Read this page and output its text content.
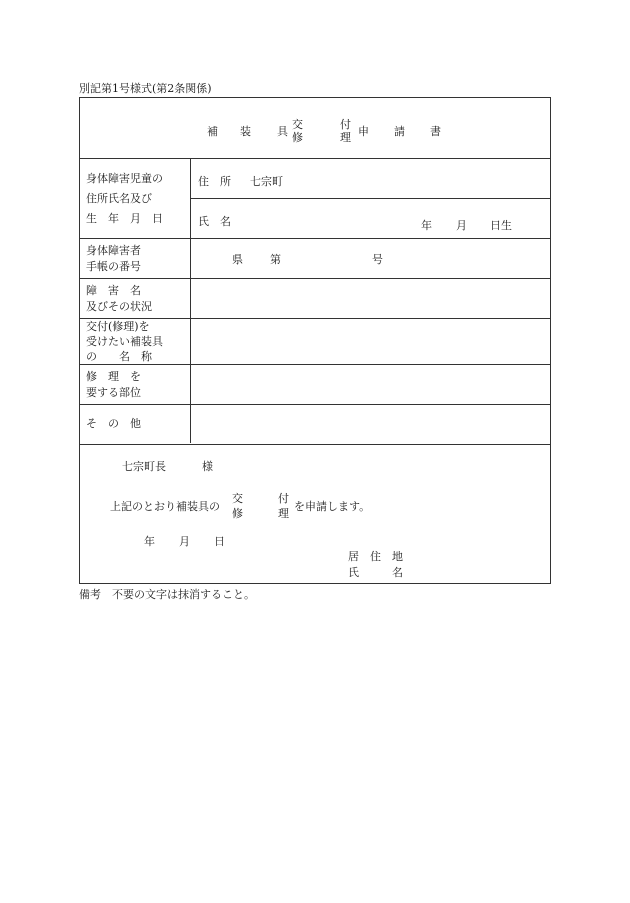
別記第1号様式(第2条関係)
補 装 具
交
修
付
理 申 請 書
身体障害児童の
住所氏名及び
生　年　月　日
住　所 七宗町
氏　名	年 月 日生
身体障害者
手帳の番号
県 第	号
障　害　名
及びその状況
交付(修理)を
受けたい補装具
の　　名　称
修　理　を
要する部位
そ　の　他
七宗町長	様
上記のとおり補装具の
交
修
付
理
を申請します。
年 月 日
居　住　地
氏　　　名
備考　不要の文字は抹消すること。
